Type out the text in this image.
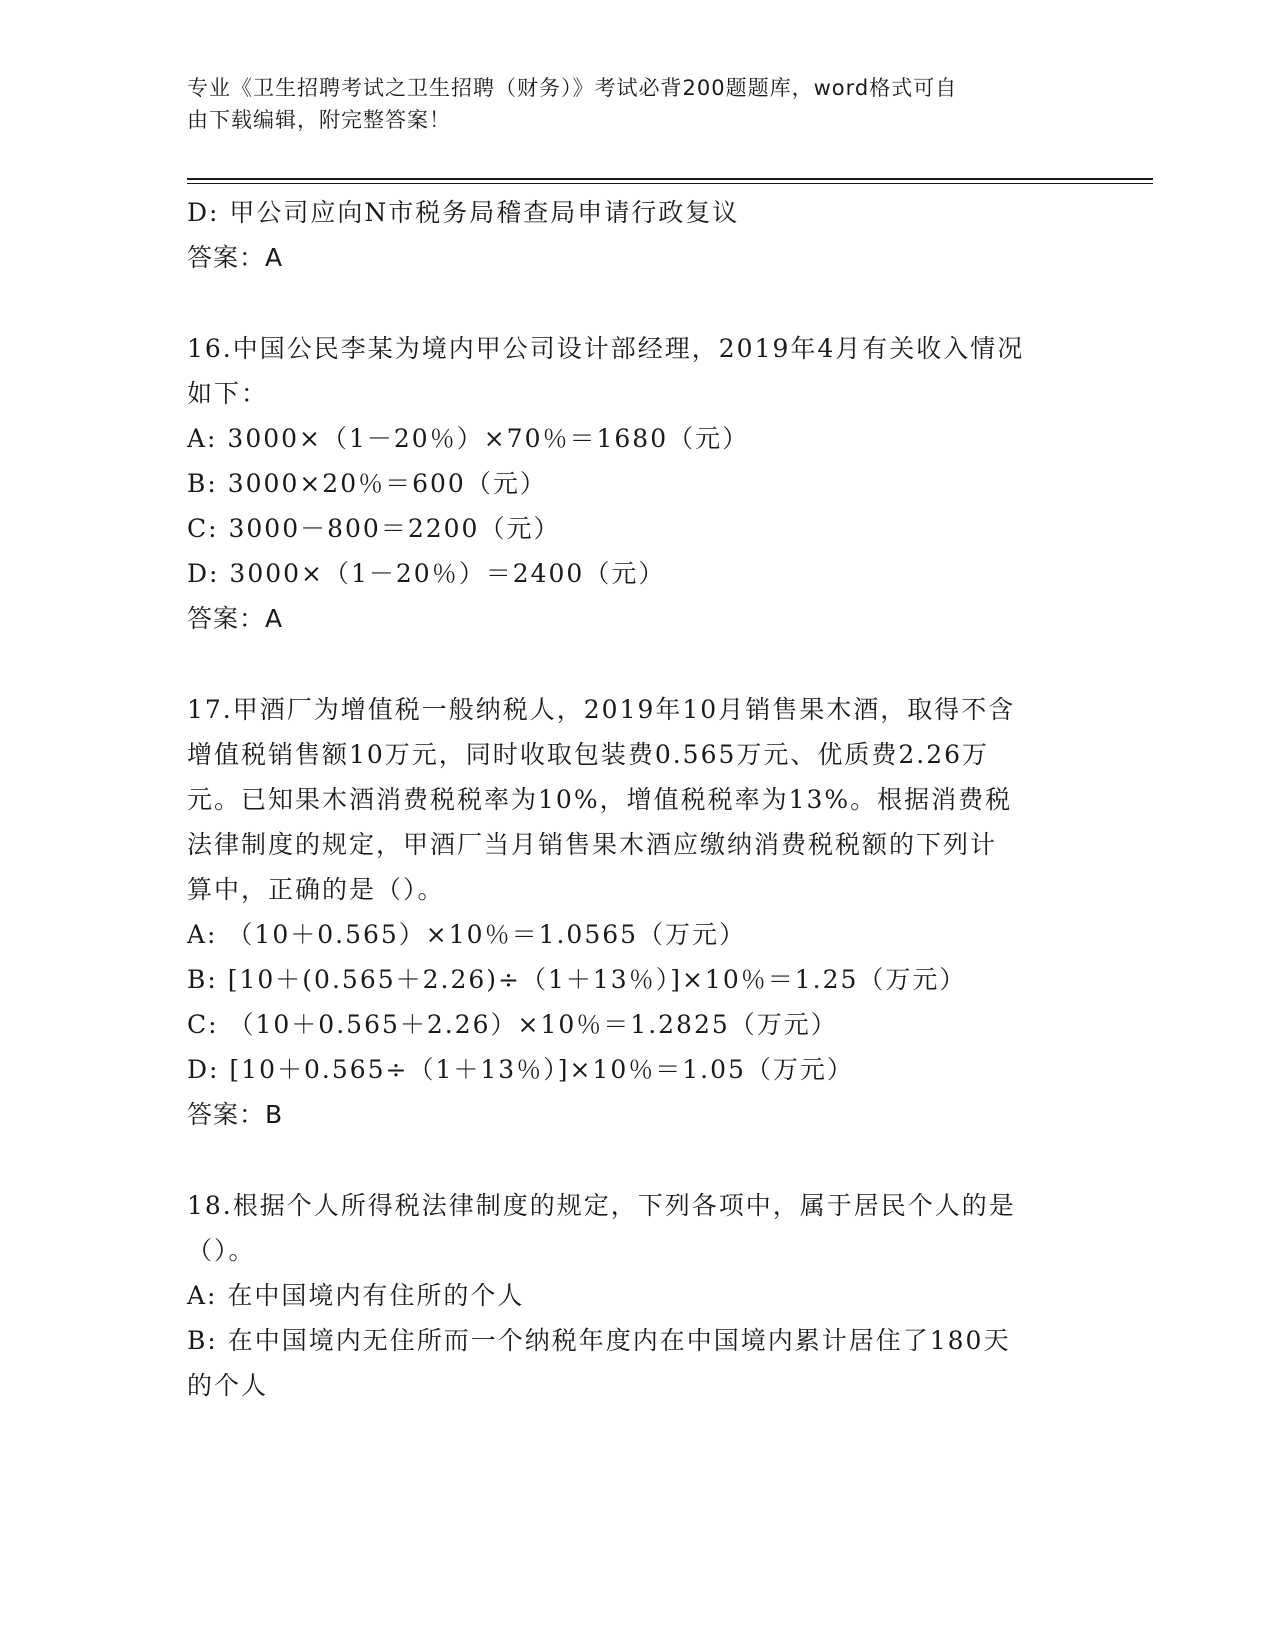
专业《卫生招聘考试之卫生招聘（财务）》考试必背200题题库，word格式可自
由下载编辑，附完整答案！

D: 甲公司应向N市税务局稽查局申请行政复议

答案：A

16.中国公民李某为境内甲公司设计部经理，2019年4月有关收入情况

如下：

A: 3000×（1－20％）×70％＝1680（元）

B: 3000×20％＝600（元）

C: 3000－800＝2200（元）

D: 3000×（1－20％）＝2400（元）

答案：A

17.甲酒厂为增值税一般纳税人，2019年10月销售果木酒，取得不含

增值税销售额10万元，同时收取包装费0.565万元、优质费2.26万

元。已知果木酒消费税税率为10%，增值税税率为13%。根据消费税

法律制度的规定，甲酒厂当月销售果木酒应缴纳消费税税额的下列计

算中，正确的是（）。

A: （10＋0.565）×10％＝1.0565（万元）

B: [10＋(0.565＋2.26)÷（1＋13％）]×10％＝1.25（万元）

C: （10＋0.565＋2.26）×10％＝1.2825（万元）

D: [10＋0.565÷（1＋13％）]×10％＝1.05（万元）

答案：B

18.根据个人所得税法律制度的规定，下列各项中，属于居民个人的是

（）。

A: 在中国境内有住所的个人

B: 在中国境内无住所而一个纳税年度内在中国境内累计居住了180天

的个人
